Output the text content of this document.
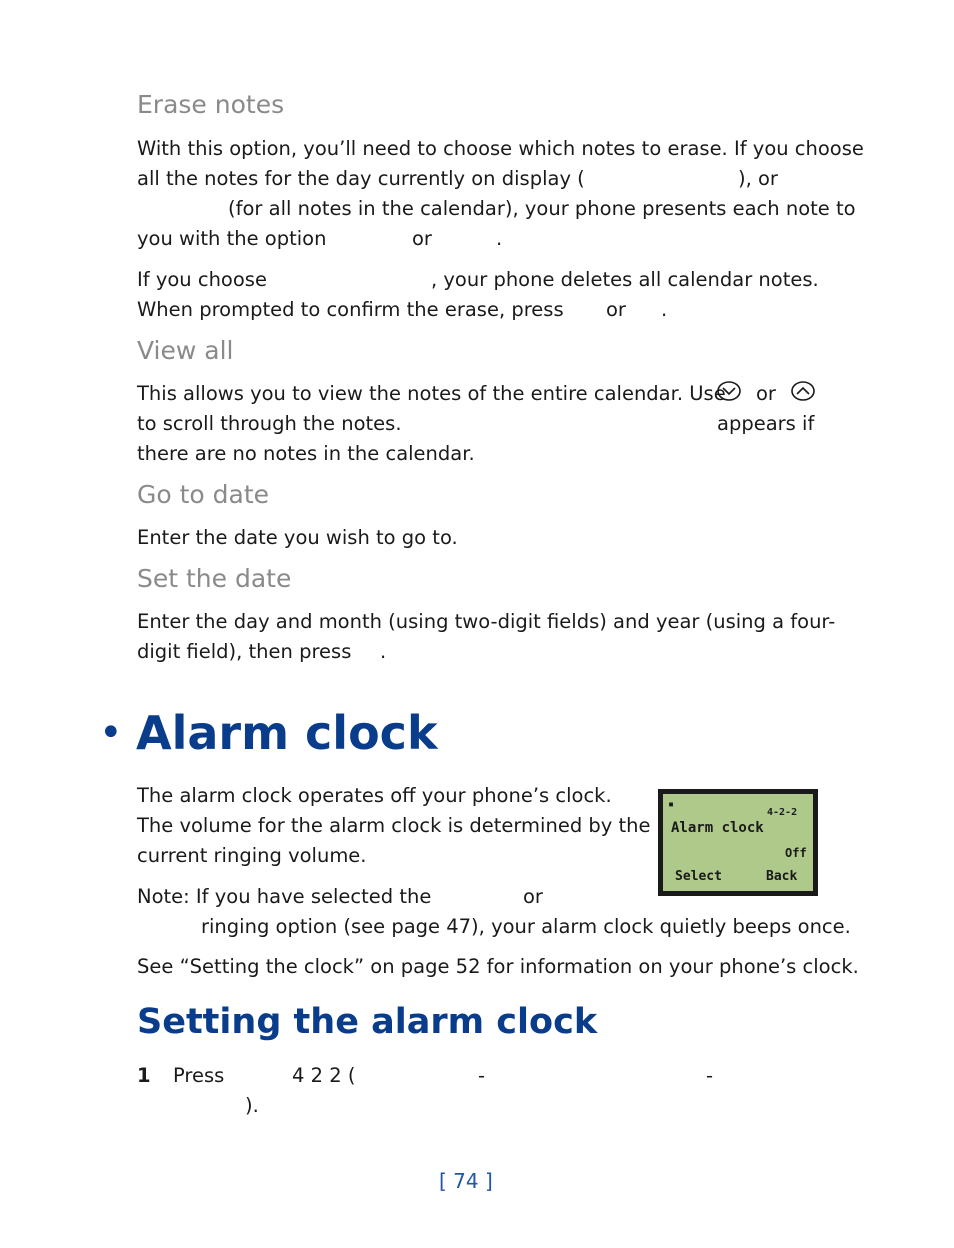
Erase notes
With this option, you’ll need to choose which notes to erase. If you choose
all the notes for the day currently on display (	), or
(for all notes in the calendar), your phone presents each note to
you with the option	or	.
If you choose	, your phone deletes all calendar notes.
When prompted to confirm the erase, press or .
View all
This allows you to view the notes of the entire calendar. Use or
to scroll through the notes.	appears if
there are no notes in the calendar.
Go to date
Enter the date you wish to go to.
Set the date
Enter the day and month (using two-digit fields) and year (using a four-
digit field), then press .
• Alarm clock
The alarm clock operates off your phone’s clock.
The volume for the alarm clock is determined by the
current ringing volume.
▪
4-2-2
Alarm clock
Off
Select	Back
Note: If you have selected the	or
ringing option (see page 47), your alarm clock quietly beeps once.
See “Setting the clock” on page 52 for information on your phone’s clock.
Setting the alarm clock
1 Press	4 2 2 (	-	-
).
[ 74 ]
